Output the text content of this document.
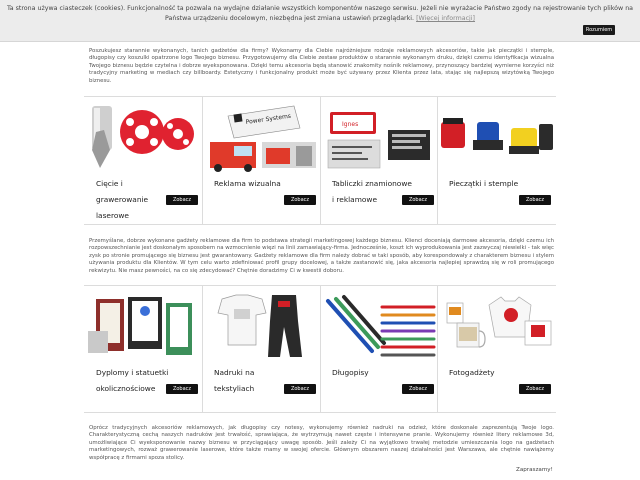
Ta strona używa ciasteczek (cookies). Funkcjonalność ta pozwala na wydajne działanie wszystkich komponentów naszego serwisu. Jeżeli nie wyrażacie Państwo zgody na rejestrowanie tych plików na Państwa urządzeniu docelowym, niezbędna jest zmiana ustawień przeglądarki. [Więcej informacji]
Rozumiem
Poszukujesz starannie wykonanych, tanich gadżetów dla firmy? Wykonamy dla Ciebie najróżniejsze rodzaje reklamowych akcesoriów, takie jak pieczątki i stemple, długopisy czy koszulki opatrzone logo Twojego biznesu. Przygotowujemy dla Ciebie zestaw produktów o starannie wykonanym druku, dzięki czemu identyfikacja wizualna Twojego biznesu będzie czytelna i dobrze wyeksponowana. Dzięki temu akcesoria będą stanowić znakomity nośnik reklamowy, przynoszący bardziej wymierne korzyści niż tradycyjny marketing w mediach czy billboardy. Estetyczny i funkcjonalny produkt może być używany przez Klienta przez lata, stając się najlepszą wizytówką Twojego biznesu.
Cięcie i grawerowanie laserowe
Zobacz
Power Systems
Reklama wizualna
Zobacz
Ignes
Tabliczki znamionowe i reklamowe	Zobacz
Pieczątki i stemple
Zobacz
Przemyślane, dobrze wykonane gadżety reklamowe dla firm to podstawa strategii marketingowej każdego biznesu. Klienci doceniają darmowe akcesoria, dzięki czemu ich rozpowszechnianie jest doskonałym sposobem na wzmocnienie więzi na linii zamawiający-firma. Jednocześnie, koszt ich wyprodukowania jest zazwyczaj niewielki - tak więc zysk po stronie promującego się biznesu jest gwarantowany. Gadżety reklamowe dla firm należy dobrać w taki sposób, aby korespondowały z charakterem biznesu i stylem używania produktu dla Klientów. W tym celu warto zdefiniować profil grupy docelowej, a także zastanowić się, jaka akcesoria najlepiej sprawdzą się w roli promującego rekwizytu. Nie masz pewności, na co się zdecydować? Chętnie doradzimy Ci w kwestii doboru.
Dyplomy i statuetki okolicznościowe	Zobacz
Nadruki na tekstyliach	Zobacz
Długopisy
Zobacz
Fotogadżety
Zobacz
Oprócz tradycyjnych akcesoriów reklamowych, jak długopisy czy notesy, wykonujemy również nadruki na odzież, które doskonale zaprezentują Twoje logo. Charakterystyczną cechą naszych nadruków jest trwałość, sprawiająca, że wytrzymują nawet częste i intensywne pranie. Wykonujemy również litery reklamowe 3d, umożliwiające Ci wyeksponowanie nazwy biznesu w przyciągający uwagę sposób. Jeśli zależy Ci na wyjątkowo trwałej metodzie umieszczania logo na gadżetach marketingowych, rozważ grawerowanie laserowe, które także mamy w swojej ofercie. Głównym obszarem naszej działalności jest Warszawa, ale chętnie nawiążemy współpracę z firmami spoza stolicy.
Zapraszamy!
